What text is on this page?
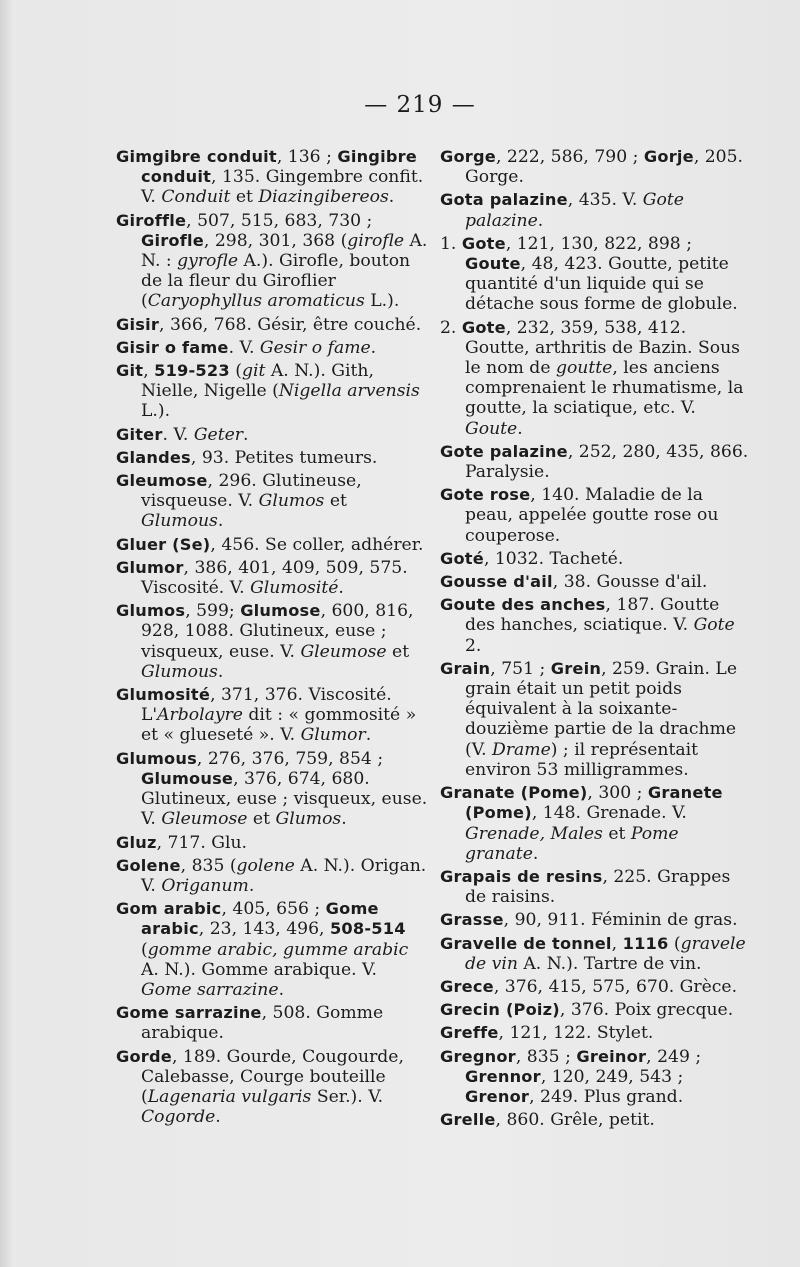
— 219 —

Gimgibre conduit, 136 ; Gingibre conduit, 135. Gingembre confit. V. Conduit et Diazingibereos.

Giroffle, 507, 515, 683, 730 ; Girofle, 298, 301, 368 (girofle A. N. : gyrofle A.). Girofle, bouton de la fleur du Giroflier (Caryophyllus aromaticus L.).

Gisir, 366, 768. Gésir, être couché.

Gisir o fame. V. Gesir o fame.

Git, 519-523 (git A. N.). Gith, Nielle, Nigelle (Nigella arvensis L.).

Giter. V. Geter.

Glandes, 93. Petites tumeurs.

Gleumose, 296. Glutineuse, visqueuse. V. Glumos et Glumous.

Gluer (Se), 456. Se coller, adhérer.

Glumor, 386, 401, 409, 509, 575. Viscosité. V. Glumosité.

Glumos, 599; Glumose, 600, 816, 928, 1088. Glutineux, euse ; visqueux, euse. V. Gleumose et Glumous.

Glumosité, 371, 376. Viscosité. L'Arbolayre dit : « gommosité » et « glueseté ». V. Glumor.

Glumous, 276, 376, 759, 854 ; Glumouse, 376, 674, 680. Glutineux, euse ; visqueux, euse. V. Gleumose et Glumos.

Gluz, 717. Glu.

Golene, 835 (golene A. N.). Origan. V. Origanum.

Gom arabic, 405, 656 ; Gome arabic, 23, 143, 496, 508-514 (gomme arabic, gumme arabic A. N.). Gomme arabique. V. Gome sarrazine.

Gome sarrazine, 508. Gomme arabique.

Gorde, 189. Gourde, Cougourde, Calebasse, Courge bouteille (Lagenaria vulgaris Ser.). V. Cogorde.

Gorge, 222, 586, 790 ; Gorje, 205. Gorge.

Gota palazine, 435. V. Gote palazine.

1. Gote, 121, 130, 822, 898 ; Goute, 48, 423. Goutte, petite quantité d'un liquide qui se détache sous forme de globule.

2. Gote, 232, 359, 538, 412. Goutte, arthritis de Bazin. Sous le nom de goutte, les anciens comprenaient le rhumatisme, la goutte, la sciatique, etc. V. Goute.

Gote palazine, 252, 280, 435, 866. Paralysie.

Gote rose, 140. Maladie de la peau, appelée goutte rose ou couperose.

Goté, 1032. Tacheté.

Gousse d'ail, 38. Gousse d'ail.

Goute des anches, 187. Goutte des hanches, sciatique. V. Gote 2.

Grain, 751 ; Grein, 259. Grain. Le grain était un petit poids équivalent à la soixante-douzième partie de la drachme (V. Drame) ; il représentait environ 53 milligrammes.

Granate (Pome), 300 ; Granete (Pome), 148. Grenade. V. Grenade, Males et Pome granate.

Grapais de resins, 225. Grappes de raisins.

Grasse, 90, 911. Féminin de gras.

Gravelle de tonnel, 1116 (gravele de vin A. N.). Tartre de vin.

Grece, 376, 415, 575, 670. Grèce.

Grecin (Poiz), 376. Poix grecque.

Greffe, 121, 122. Stylet.

Gregnor, 835 ; Greinor, 249 ; Grennor, 120, 249, 543 ; Grenor, 249. Plus grand.

Grelle, 860. Grêle, petit.
